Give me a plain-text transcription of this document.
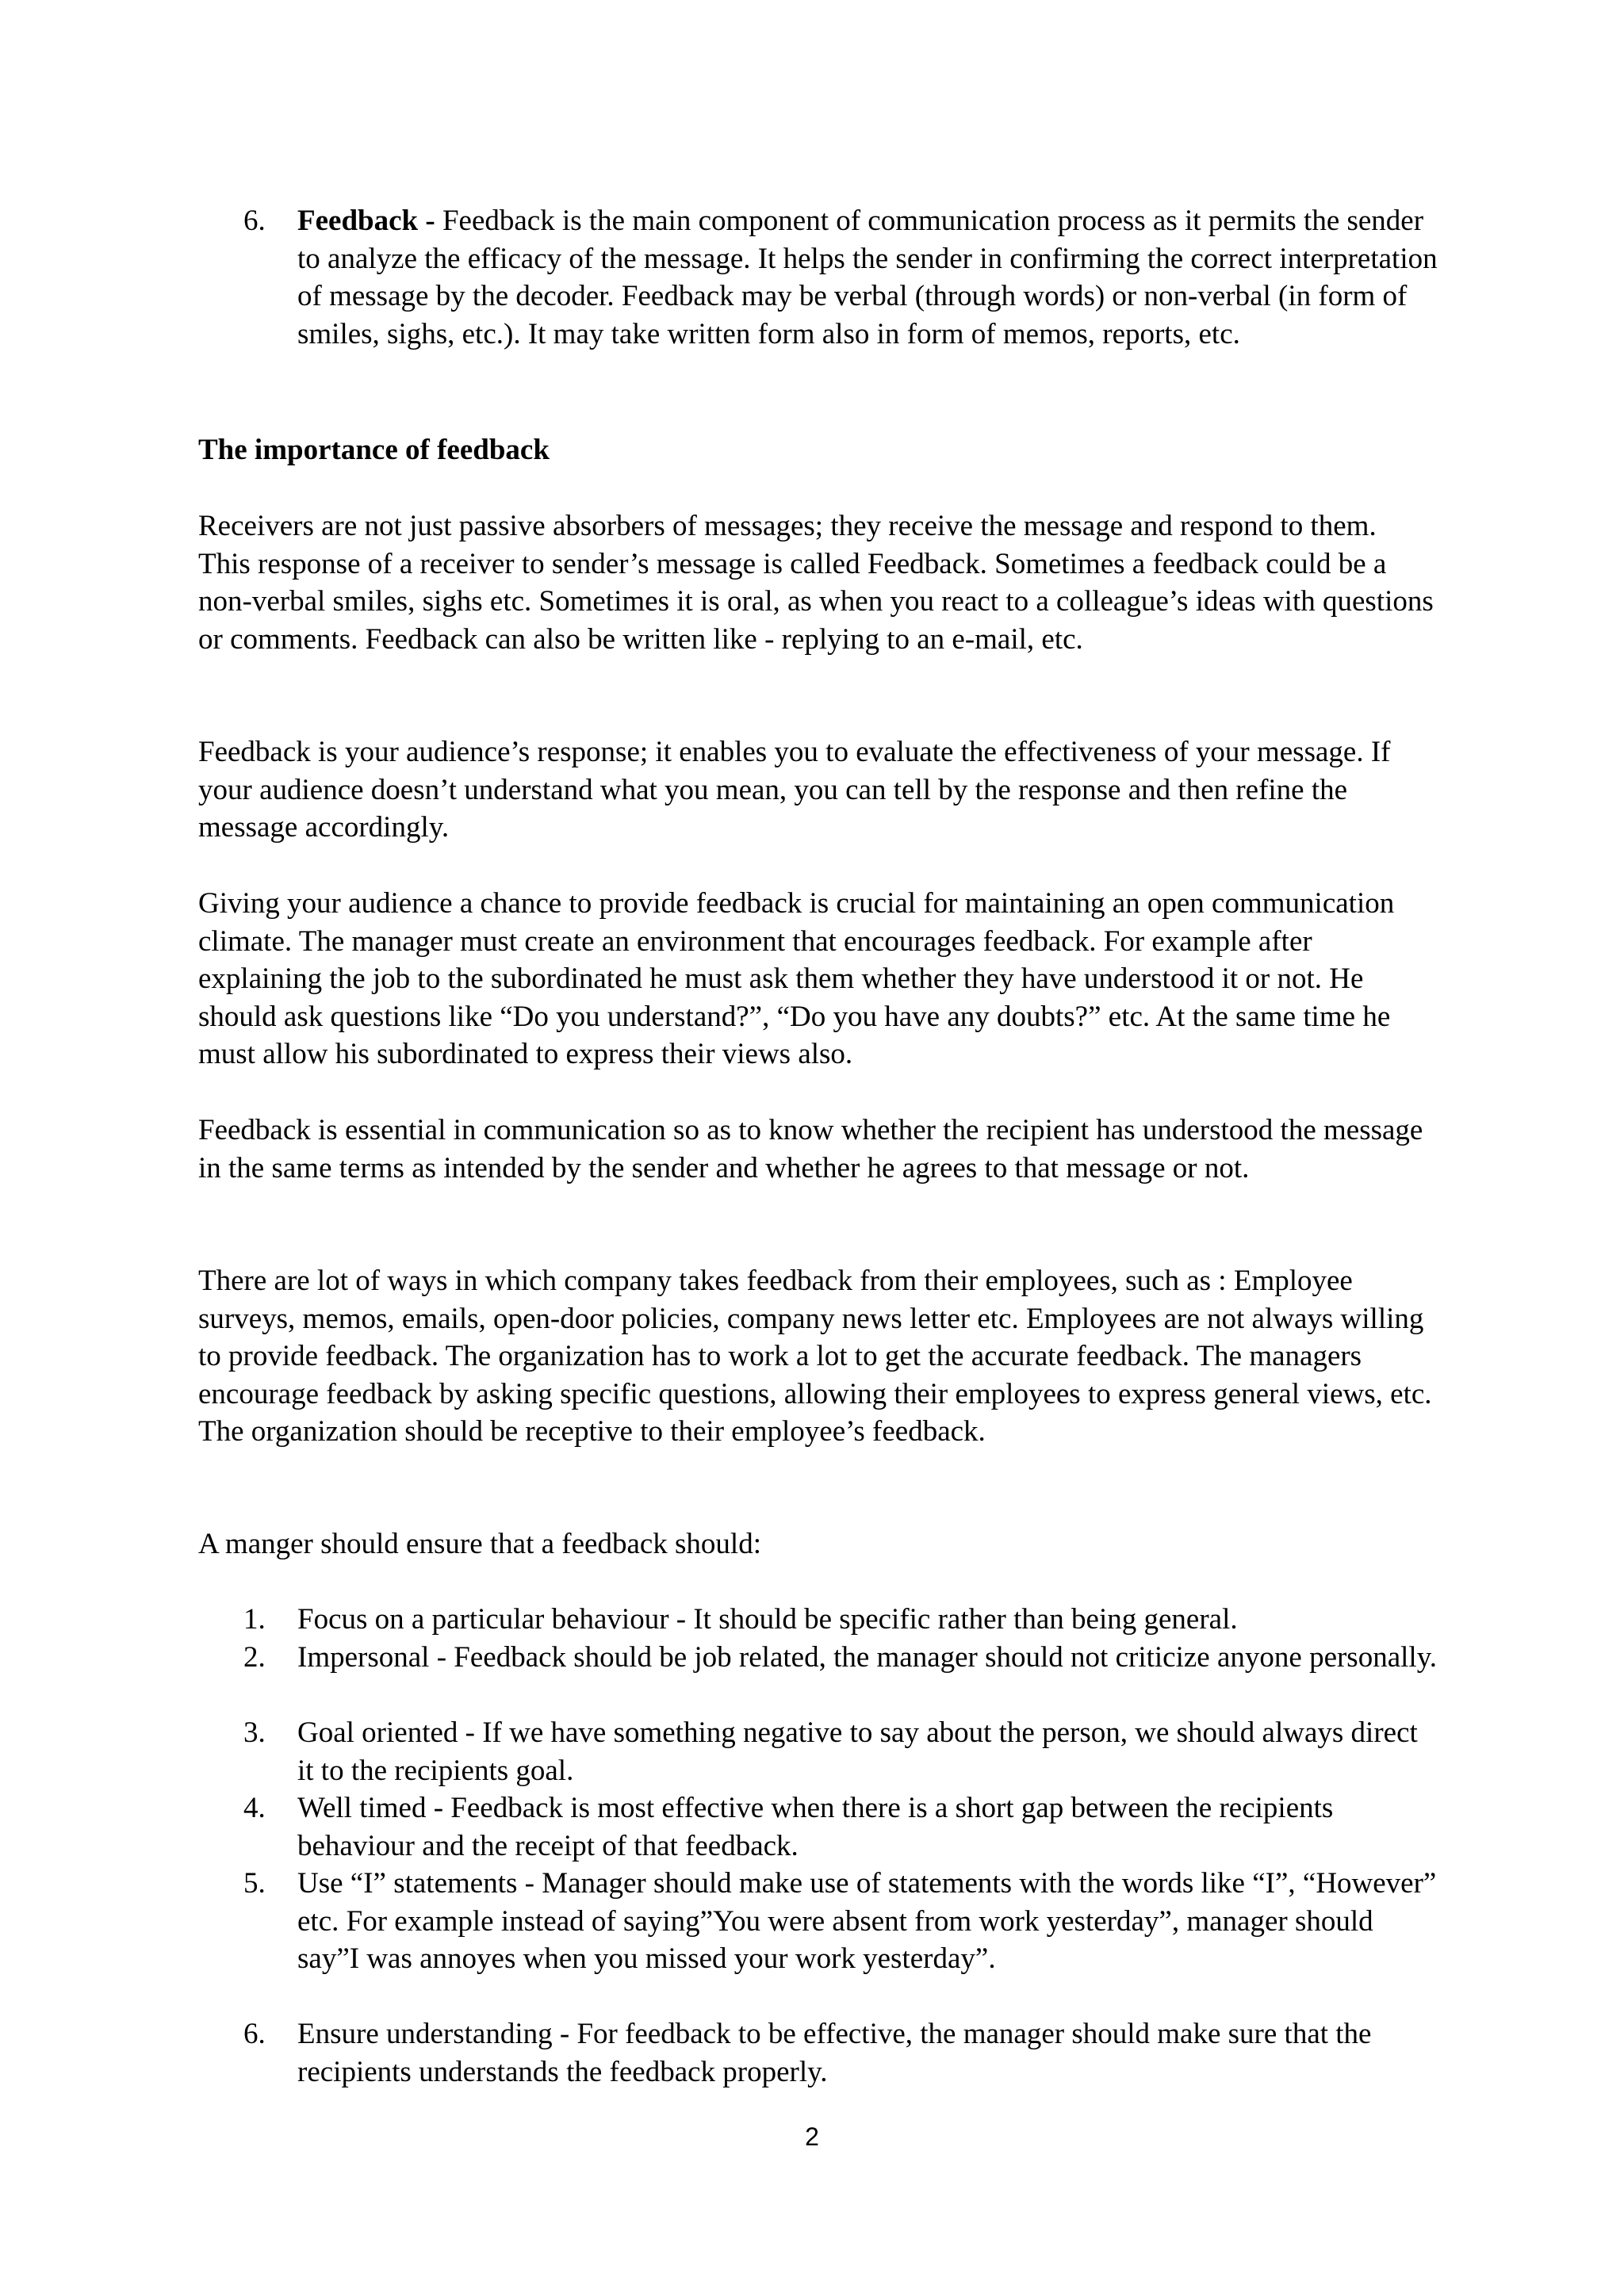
6. Feedback - Feedback is the main component of communication process as it permits the sender to analyze the efficacy of the message. It helps the sender in confirming the correct interpretation of message by the decoder. Feedback may be verbal (through words) or non-verbal (in form of smiles, sighs, etc.). It may take written form also in form of memos, reports, etc.

The importance of feedback

Receivers are not just passive absorbers of messages; they receive the message and respond to them. This response of a receiver to sender’s message is called Feedback. Sometimes a feedback could be a non-verbal smiles, sighs etc. Sometimes it is oral, as when you react to a colleague’s ideas with questions or comments. Feedback can also be written like - replying to an e-mail, etc.

Feedback is your audience’s response; it enables you to evaluate the effectiveness of your message. If your audience doesn’t understand what you mean, you can tell by the response and then refine the message accordingly.

Giving your audience a chance to provide feedback is crucial for maintaining an open communication climate. The manager must create an environment that encourages feedback. For example after explaining the job to the subordinated he must ask them whether they have understood it or not. He should ask questions like “Do you understand?”, “Do you have any doubts?” etc. At the same time he must allow his subordinated to express their views also.

Feedback is essential in communication so as to know whether the recipient has understood the message in the same terms as intended by the sender and whether he agrees to that message or not.

There are lot of ways in which company takes feedback from their employees, such as : Employee surveys, memos, emails, open-door policies, company news letter etc. Employees are not always willing to provide feedback. The organization has to work a lot to get the accurate feedback. The managers encourage feedback by asking specific questions, allowing their employees to express general views, etc. The organization should be receptive to their employee’s feedback.

A manger should ensure that a feedback should:

1. Focus on a particular behaviour - It should be specific rather than being general.

2. Impersonal - Feedback should be job related, the manager should not criticize anyone personally.

3. Goal oriented - If we have something negative to say about the person, we should always direct it to the recipients goal.

4. Well timed - Feedback is most effective when there is a short gap between the recipients behaviour and the receipt of that feedback.

5. Use “I” statements - Manager should make use of statements with the words like “I”, “However” etc. For example instead of saying”You were absent from work yesterday”, manager should say”I was annoyes when you missed your work yesterday”.

6. Ensure understanding - For feedback to be effective, the manager should make sure that the recipients understands the feedback properly.

2
